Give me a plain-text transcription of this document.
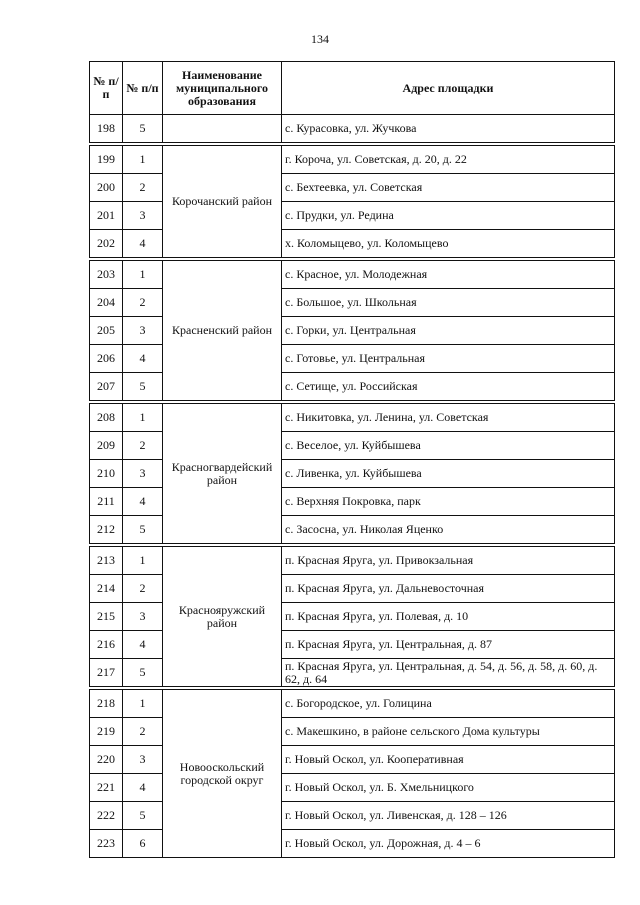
134
№ п/п	№ п/п	Наименование муниципального образования	Адрес площадки
198	5		с. Курасовка, ул. Жучкова

199	1	Корочанский район	г. Короча, ул. Советская, д. 20, д. 22
200	2		с. Бехтеевка, ул. Советская
201	3		с. Прудки, ул. Редина
202	4		х. Коломыцево, ул. Коломыцево

203	1	Красненский район	с. Красное, ул. Молодежная
204	2		с. Большое, ул. Школьная
205	3		с. Горки, ул. Центральная
206	4		с. Готовье, ул. Центральная
207	5		с. Сетище, ул. Российская

208	1	Красногвардейский район	с. Никитовка, ул. Ленина, ул. Советская
209	2		с. Веселое, ул. Куйбышева
210	3		с. Ливенка, ул. Куйбышева
211	4		с. Верхняя Покровка, парк
212	5		с. Засосна, ул. Николая Яценко

213	1	Краснояружский район	п. Красная Яруга, ул. Привокзальная
214	2		п. Красная Яруга, ул. Дальневосточная
215	3		п. Красная Яруга, ул. Полевая, д. 10
216	4		п. Красная Яруга, ул. Центральная, д. 87
217	5		п. Красная Яруга, ул. Центральная, д. 54, д. 56, д. 58, д. 60, д. 62, д. 64

218	1	Новооскольский городской округ	с. Богородское, ул. Голицина
219	2		с. Макешкино, в районе сельского Дома культуры
220	3		г. Новый Оскол, ул. Кооперативная
221	4		г. Новый Оскол, ул. Б. Хмельницкого
222	5		г. Новый Оскол, ул. Ливенская, д. 128 – 126
223	6		г. Новый Оскол, ул. Дорожная, д. 4 – 6
